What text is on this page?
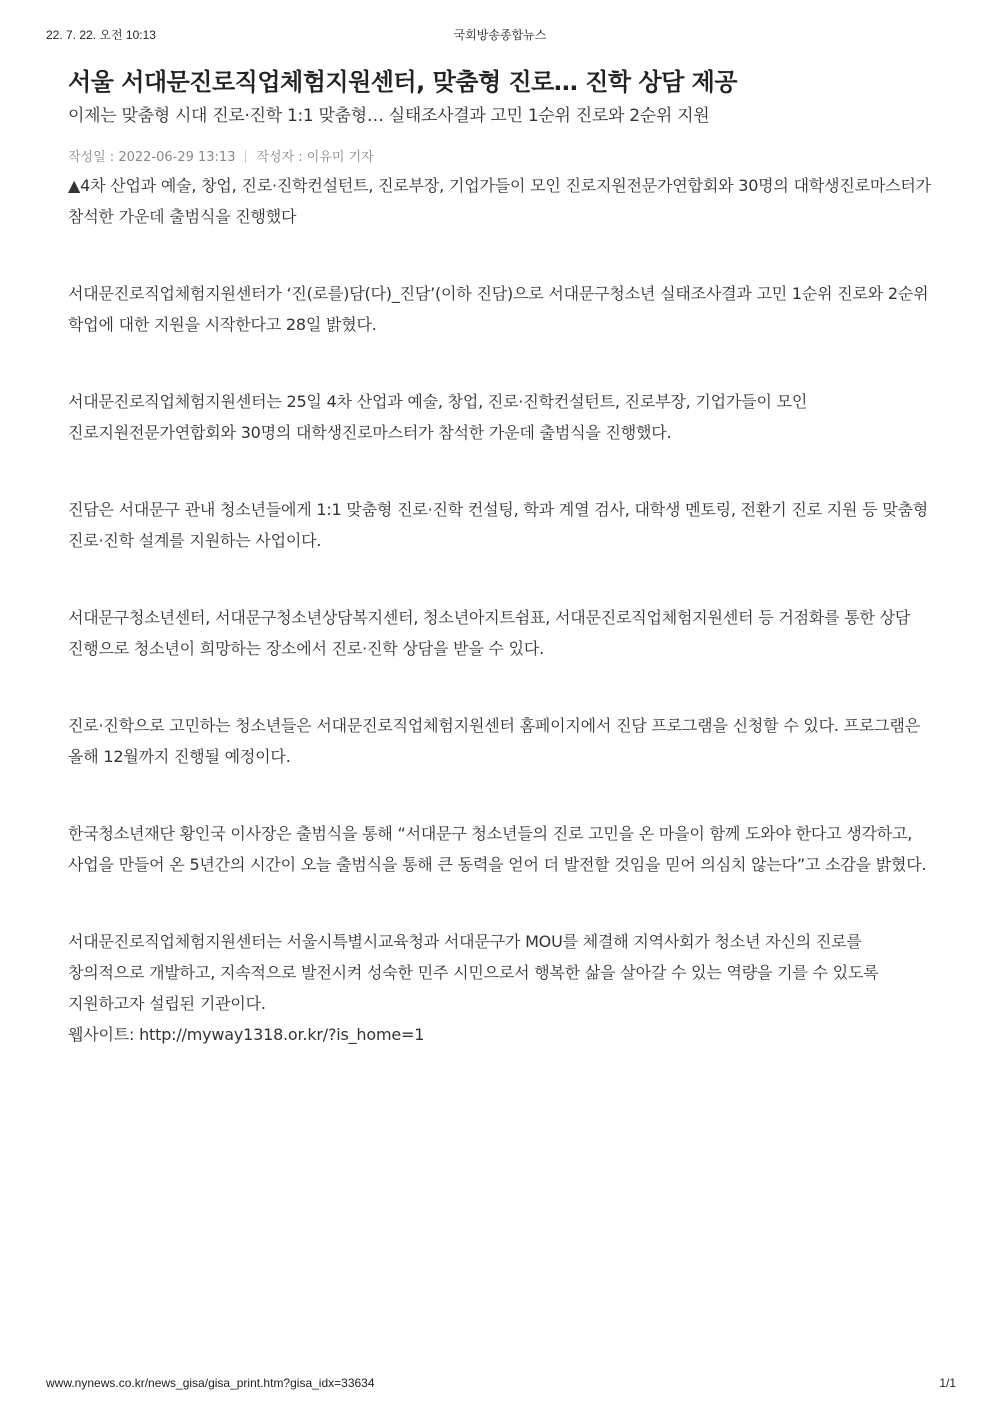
22. 7. 22. 오전 10:13	국회방송종합뉴스
서울 서대문진로직업체험지원센터, 맞춤형 진로… 진학 상담 제공
이제는 맞춤형 시대 진로·진학 1:1 맞춤형… 실태조사결과 고민 1순위 진로와 2순위 지원
작성일 : 2022-06-29 13:13 작성자 : 이유미 기자

▲4차 산업과 예술, 창업, 진로·진학컨설턴트, 진로부장, 기업가들이 모인 진로지원전문가연합회와 30명의 대학생진로마스터가 참석한 가운데 출범식을 진행했다

서대문진로직업체험지원센터가 ‘진(로를)담(다)_진담’(이하 진담)으로 서대문구청소년 실태조사결과 고민 1순위 진로와 2순위 학업에 대한 지원을 시작한다고 28일 밝혔다.

서대문진로직업체험지원센터는 25일 4차 산업과 예술, 창업, 진로·진학컨설턴트, 진로부장, 기업가들이 모인 진로지원전문가연합회와 30명의 대학생진로마스터가 참석한 가운데 출범식을 진행했다.

진담은 서대문구 관내 청소년들에게 1:1 맞춤형 진로·진학 컨설팅, 학과 계열 검사, 대학생 멘토링, 전환기 진로 지원 등 맞춤형 진로·진학 설계를 지원하는 사업이다.

서대문구청소년센터, 서대문구청소년상담복지센터, 청소년아지트쉼표, 서대문진로직업체험지원센터 등 거점화를 통한 상담 진행으로 청소년이 희망하는 장소에서 진로·진학 상담을 받을 수 있다.

진로·진학으로 고민하는 청소년들은 서대문진로직업체험지원센터 홈페이지에서 진담 프로그램을 신청할 수 있다. 프로그램은 올해 12월까지 진행될 예정이다.

한국청소년재단 황인국 이사장은 출범식을 통해 “서대문구 청소년들의 진로 고민을 온 마을이 함께 도와야 한다고 생각하고, 사업을 만들어 온 5년간의 시간이 오늘 출범식을 통해 큰 동력을 얻어 더 발전할 것임을 믿어 의심치 않는다”고 소감을 밝혔다.

서대문진로직업체험지원센터는 서울시특별시교육청과 서대문구가 MOU를 체결해 지역사회가 청소년 자신의 진로를 창의적으로 개발하고, 지속적으로 발전시켜 성숙한 민주 시민으로서 행복한 삶을 살아갈 수 있는 역량을 기를 수 있도록 지원하고자 설립된 기관이다.

웹사이트: http://myway1318.or.kr/?is_home=1
www.nynews.co.kr/news_gisa/gisa_print.htm?gisa_idx=33634	1/1
